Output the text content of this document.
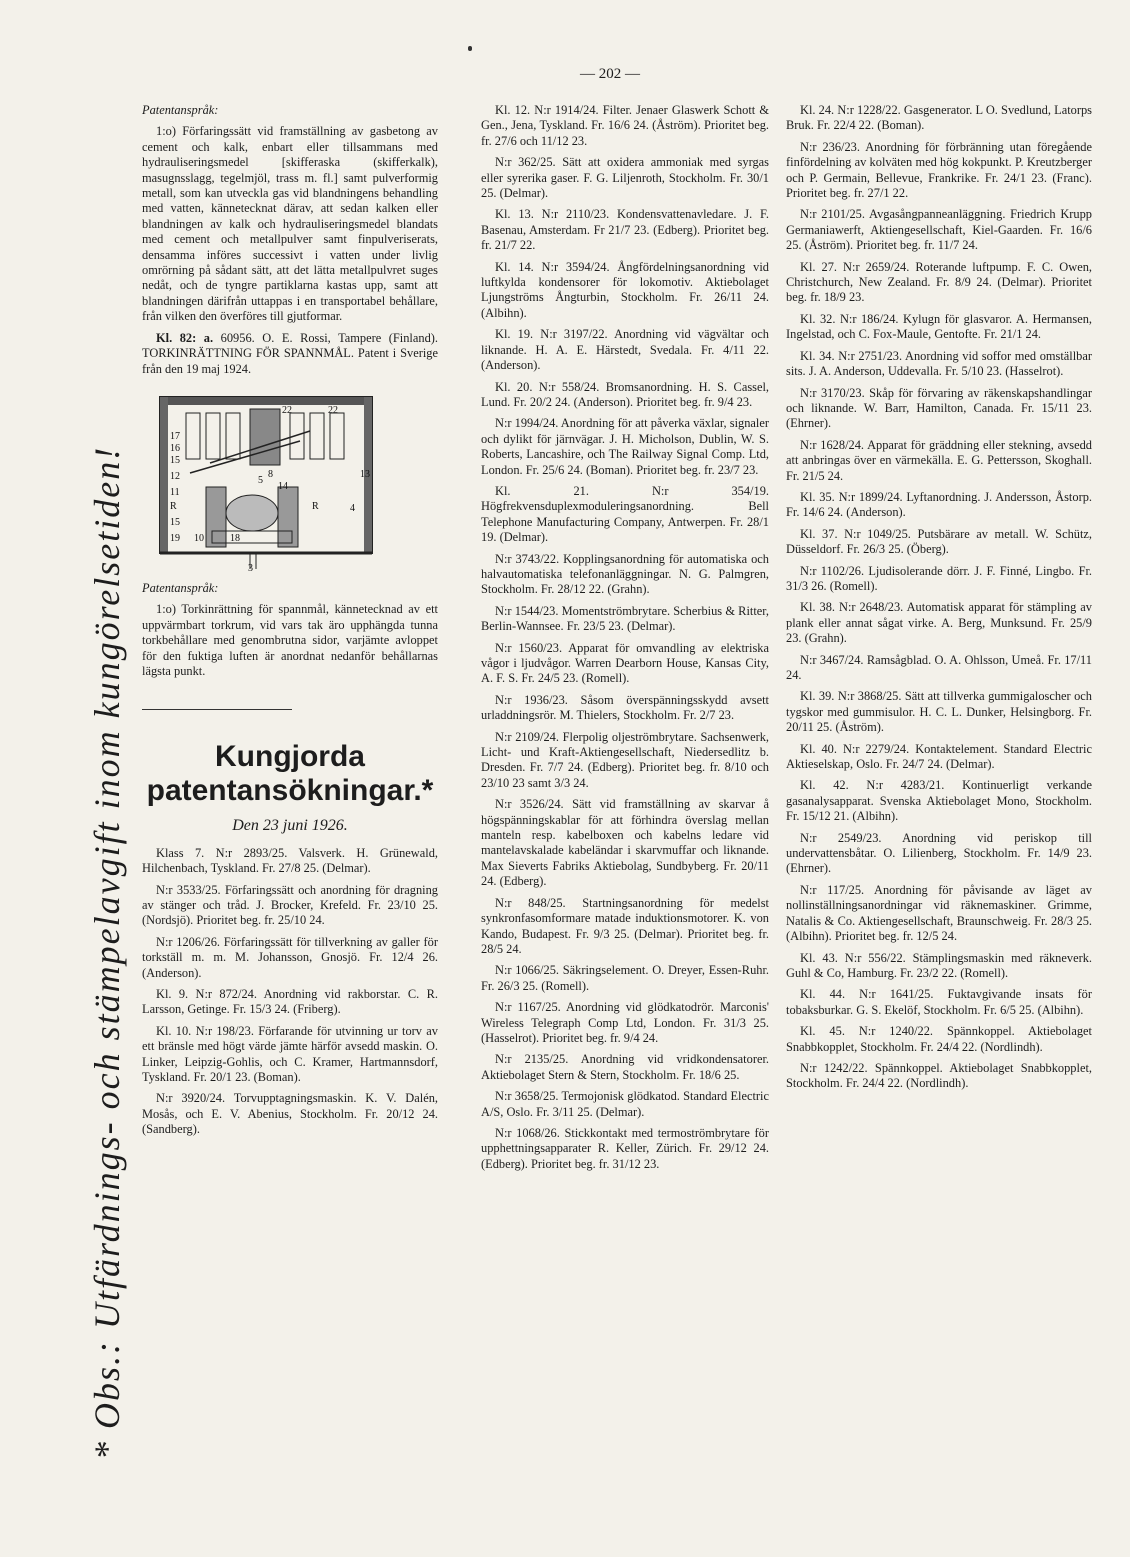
— 202 —
* Obs.: Utfärdnings- och stämpelavgift inom kungörelsetiden!

Patentanspråk:

1:o) Förfaringssätt vid framställning av gasbetong av cement och kalk, enbart eller tillsammans med hydrauliseringsmedel [skifferaska (skifferkalk), masugnsslagg, tegelmjöl, trass m. fl.] samt pulverformig metall, som kan utveckla gas vid blandningens behandling med vatten, kännetecknat därav, att sedan kalken eller blandningen av kalk och hydrauliseringsmedel blandats med cement och metallpulver samt finpulveriserats, densamma införes successivt i vatten under livlig omrörning på sådant sätt, att det lätta metallpulvret suges nedåt, och de tyngre partiklarna kastas upp, samt att blandningen därifrån uttappas i en transportabel behållare, från vilken den överföres till gjutformar.

Kl. 82: a. 60956. O. E. Rossi, Tampere (Finland). TORKINRÄTTNING FÖR SPANNMÅL. Patent i Sverige från den 19 maj 1924.

22	22
17
16
15
12
11
R
15
19 10	18
5
8
14
R	4
3
13

Patentanspråk:

1:o) Torkinrättning för spannmål, kännetecknad av ett uppvärmbart torkrum, vid vars tak äro upphängda tunna torkbehållare med genombrutna sidor, varjämte avloppet för den fuktiga luften är anordnat nedanför behållarnas lägsta punkt.

Kungjorda patentansökningar.*
Den 23 juni 1926.

Klass 7. N:r 2893/25. Valsverk. H. Grünewald, Hilchenbach, Tyskland. Fr. 27/8 25. (Delmar).

N:r 3533/25. Förfaringssätt och anordning för dragning av stänger och tråd. J. Brocker, Krefeld. Fr. 23/10 25. (Nordsjö). Prioritet beg. fr. 25/10 24.

N:r 1206/26. Förfaringssätt för tillverkning av galler för torkställ m. m. M. Johansson, Gnosjö. Fr. 12/4 26. (Anderson).

Kl. 9. N:r 872/24. Anordning vid rakborstar. C. R. Larsson, Getinge. Fr. 15/3 24. (Friberg).

Kl. 10. N:r 198/23. Förfarande för utvinning ur torv av ett bränsle med högt värde jämte härför avsedd maskin. O. Linker, Leipzig-Gohlis, och C. Kramer, Hartmannsdorf, Tyskland. Fr. 20/1 23. (Boman).

N:r 3920/24. Torvupptagningsmaskin. K. V. Dalén, Mosås, och E. V. Abenius, Stockholm. Fr. 20/12 24. (Sandberg).

Kl. 12. N:r 1914/24. Filter. Jenaer Glaswerk Schott & Gen., Jena, Tyskland. Fr. 16/6 24. (Åström). Prioritet beg. fr. 27/6 och 11/12 23.

N:r 362/25. Sätt att oxidera ammoniak med syrgas eller syrerika gaser. F. G. Liljenroth, Stockholm. Fr. 30/1 25. (Delmar).

Kl. 13. N:r 2110/23. Kondensvattenavledare. J. F. Basenau, Amsterdam. Fr 21/7 23. (Edberg). Prioritet beg. fr. 21/7 22.

Kl. 14. N:r 3594/24. Ångfördelningsanordning vid luftkylda kondensorer för lokomotiv. Aktiebolaget Ljungströms Ångturbin, Stockholm. Fr. 26/11 24. (Albihn).

Kl. 19. N:r 3197/22. Anordning vid vägvältar och liknande. H. A. E. Härstedt, Svedala. Fr. 4/11 22. (Anderson).

Kl. 20. N:r 558/24. Bromsanordning. H. S. Cassel, Lund. Fr. 20/2 24. (Anderson). Prioritet beg. fr. 9/4 23.

N:r 1994/24. Anordning för att påverka växlar, signaler och dylikt för järnvägar. J. H. Micholson, Dublin, W. S. Roberts, Lancashire, och The Railway Signal Comp. Ltd, London. Fr. 25/6 24. (Boman). Prioritet beg. fr. 23/7 23.

Kl. 21. N:r 354/19. Högfrekvensduplexmoduleringsanordning. Bell Telephone Manufacturing Company, Antwerpen. Fr. 28/1 19. (Delmar).

N:r 3743/22. Kopplingsanordning för automatiska och halvautomatiska telefonanläggningar. N. G. Palmgren, Stockholm. Fr. 28/12 22. (Grahn).

N:r 1544/23. Momentströmbrytare. Scherbius & Ritter, Berlin-Wannsee. Fr. 23/5 23. (Delmar).

N:r 1560/23. Apparat för omvandling av elektriska vågor i ljudvågor. Warren Dearborn House, Kansas City, A. F. S. Fr. 24/5 23. (Romell).

N:r 1936/23. Såsom överspänningsskydd avsett urladdningsrör. M. Thielers, Stockholm. Fr. 2/7 23.

N:r 2109/24. Flerpolig oljeströmbrytare. Sachsenwerk, Licht- und Kraft-Aktiengesellschaft, Niedersedlitz b. Dresden. Fr. 7/7 24. (Edberg). Prioritet beg. fr. 8/10 och 23/10 23 samt 3/3 24.

N:r 3526/24. Sätt vid framställning av skarvar å högspänningskablar för att förhindra överslag mellan manteln resp. kabelboxen och kabelns ledare vid mantelavskalade kabeländar i skarvmuffar och liknande. Max Sieverts Fabriks Aktiebolag, Sundbyberg. Fr. 20/11 24. (Edberg).

N:r 848/25. Startningsanordning för medelst synkronfasomformare matade induktionsmotorer. K. von Kando, Budapest. Fr. 9/3 25. (Delmar). Prioritet beg. fr. 28/5 24.

N:r 1066/25. Säkringselement. O. Dreyer, Essen-Ruhr. Fr. 26/3 25. (Romell).

N:r 1167/25. Anordning vid glödkatodrör. Marconis' Wireless Telegraph Comp Ltd, London. Fr. 31/3 25. (Hasselrot). Prioritet beg. fr. 9/4 24.

N:r 2135/25. Anordning vid vridkondensatorer. Aktiebolaget Stern & Stern, Stockholm. Fr. 18/6 25.

N:r 3658/25. Termojonisk glödkatod. Standard Electric A/S, Oslo. Fr. 3/11 25. (Delmar).

N:r 1068/26. Stickkontakt med termoströmbrytare för upphettningsapparater R. Keller, Zürich. Fr. 29/12 24. (Edberg). Prioritet beg. fr. 31/12 23.

Kl. 24. N:r 1228/22. Gasgenerator. L O. Svedlund, Latorps Bruk. Fr. 22/4 22. (Boman).

N:r 236/23. Anordning för förbränning utan föregående finfördelning av kolväten med hög kokpunkt. P. Kreutzberger och P. Germain, Bellevue, Frankrike. Fr. 24/1 23. (Franc). Prioritet beg. fr. 27/1 22.

N:r 2101/25. Avgasångpanneanläggning. Friedrich Krupp Germaniawerft, Aktiengesellschaft, Kiel-Gaarden. Fr. 16/6 25. (Åström). Prioritet beg. fr. 11/7 24.

Kl. 27. N:r 2659/24. Roterande luftpump. F. C. Owen, Christchurch, New Zealand. Fr. 8/9 24. (Delmar). Prioritet beg. fr. 18/9 23.

Kl. 32. N:r 186/24. Kylugn för glasvaror. A. Hermansen, Ingelstad, och C. Fox-Maule, Gentofte. Fr. 21/1 24.

Kl. 34. N:r 2751/23. Anordning vid soffor med omställbar sits. J. A. Anderson, Uddevalla. Fr. 5/10 23. (Hasselrot).

N:r 3170/23. Skåp för förvaring av räkenskapshandlingar och liknande. W. Barr, Hamilton, Canada. Fr. 15/11 23. (Ehrner).

N:r 1628/24. Apparat för gräddning eller stekning, avsedd att anbringas över en värmekälla. E. G. Pettersson, Skoghall. Fr. 21/5 24.

Kl. 35. N:r 1899/24. Lyftanordning. J. Andersson, Åstorp. Fr. 14/6 24. (Anderson).

Kl. 37. N:r 1049/25. Putsbärare av metall. W. Schütz, Düsseldorf. Fr. 26/3 25. (Öberg).

N:r 1102/26. Ljudisolerande dörr. J. F. Finné, Lingbo. Fr. 31/3 26. (Romell).

Kl. 38. N:r 2648/23. Automatisk apparat för stämpling av plank eller annat sågat virke. A. Berg, Munksund. Fr. 25/9 23. (Grahn).

N:r 3467/24. Ramsågblad. O. A. Ohlsson, Umeå. Fr. 17/11 24.

Kl. 39. N:r 3868/25. Sätt att tillverka gummigaloscher och tygskor med gummisulor. H. C. L. Dunker, Helsingborg. Fr. 20/11 25. (Åström).

Kl. 40. N:r 2279/24. Kontaktelement. Standard Electric Aktieselskap, Oslo. Fr. 24/7 24. (Delmar).

Kl. 42. N:r 4283/21. Kontinuerligt verkande gasanalysapparat. Svenska Aktiebolaget Mono, Stockholm. Fr. 15/12 21. (Albihn).

N:r 2549/23. Anordning vid periskop till undervattensbåtar. O. Lilienberg, Stockholm. Fr. 14/9 23. (Ehrner).

N:r 117/25. Anordning för påvisande av läget av nollinställningsanordningar vid räknemaskiner. Grimme, Natalis & Co. Aktiengesellschaft, Braunschweig. Fr. 28/3 25. (Albihn). Prioritet beg. fr. 12/5 24.

Kl. 43. N:r 556/22. Stämplingsmaskin med räkneverk. Guhl & Co, Hamburg. Fr. 23/2 22. (Romell).

Kl. 44. N:r 1641/25. Fuktavgivande insats för tobaksburkar. G. S. Ekelöf, Stockholm. Fr. 6/5 25. (Albihn).

Kl. 45. N:r 1240/22. Spännkoppel. Aktiebolaget Snabbkopplet, Stockholm. Fr. 24/4 22. (Nordlindh).

N:r 1242/22. Spännkoppel. Aktiebolaget Snabbkopplet, Stockholm. Fr. 24/4 22. (Nordlindh).
